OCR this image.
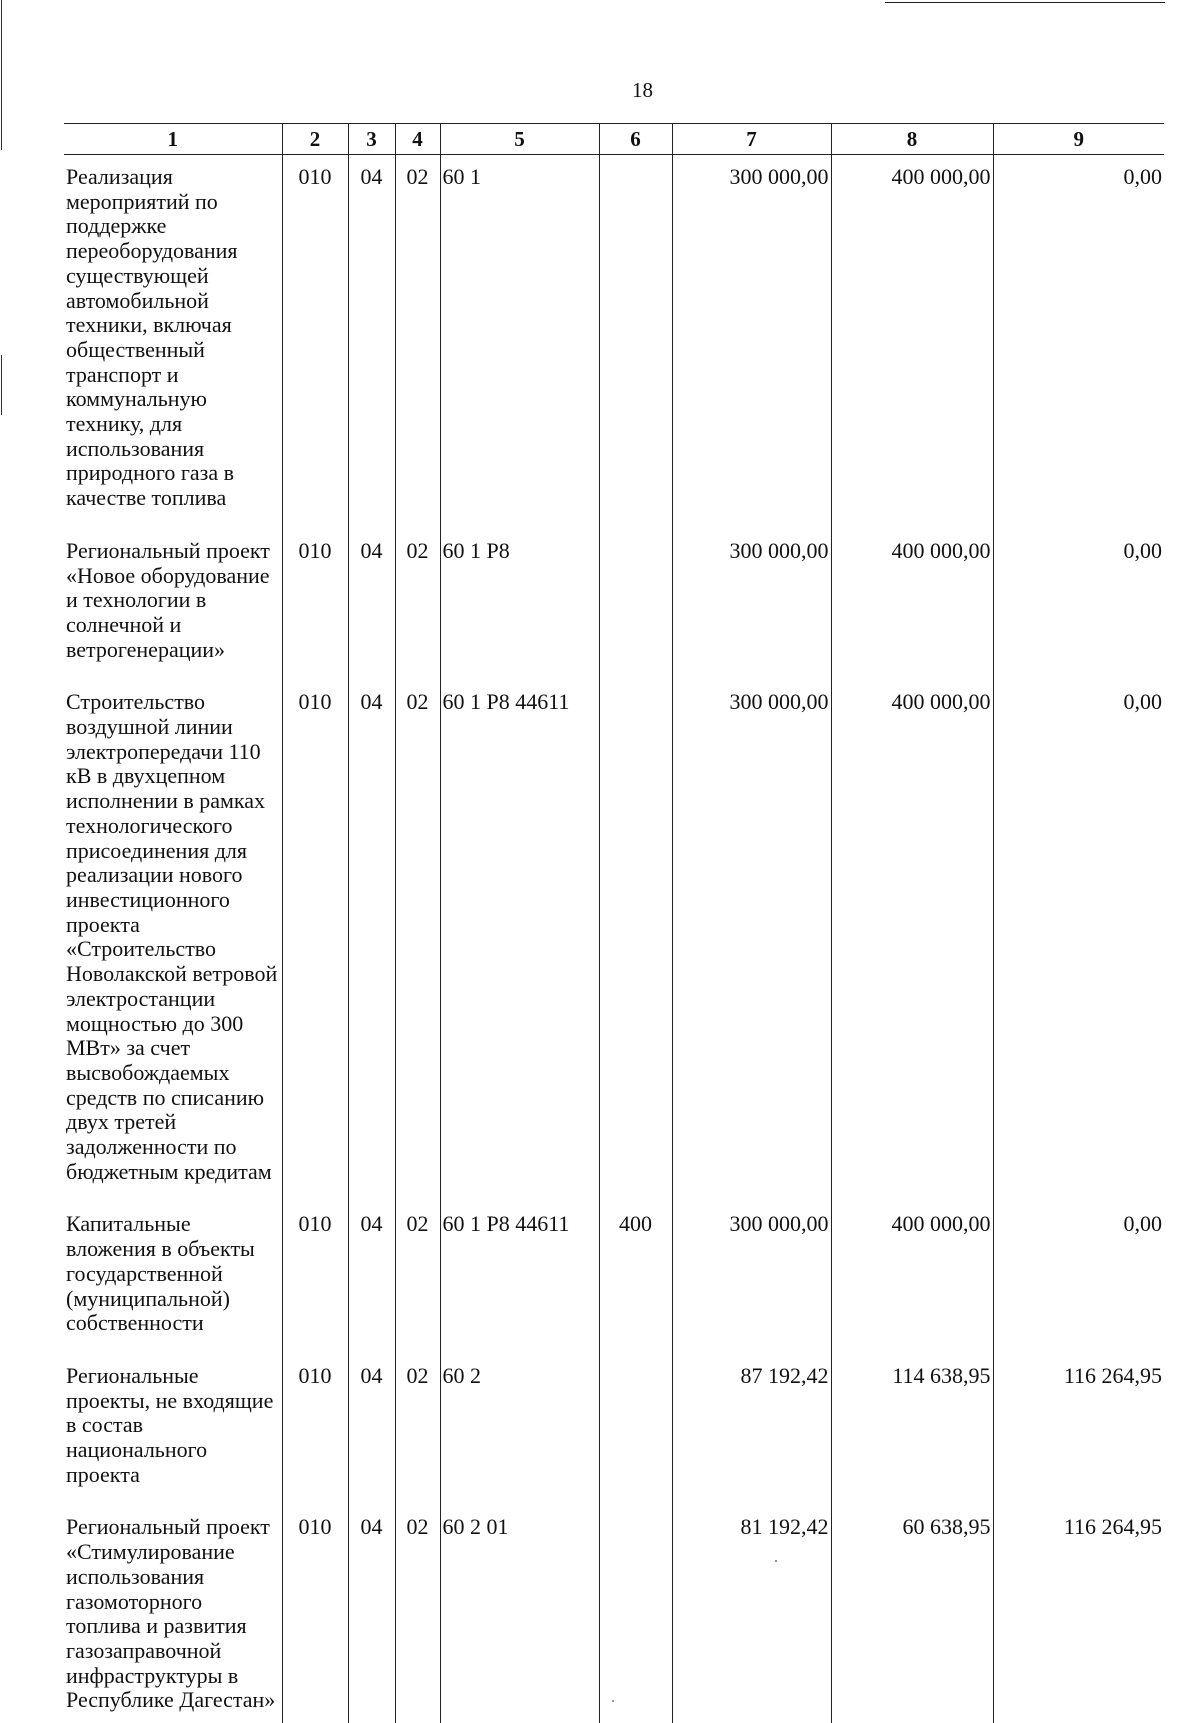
18
1	2	3	4	5	6	7	8	9
Реализация мероприятий по поддержке переоборудования существующей автомобильной техники, включая общественный транспорт и коммунальную технику, для использования природного газа в качестве топлива	010	04	02	60 1		300 000,00	400 000,00	0,00
Региональный проект «Новое оборудование и технологии в солнечной и ветрогенерации»	010	04	02	60 1 P8		300 000,00	400 000,00	0,00
Строительство воздушной линии электропередачи 110 кВ в двухцепном исполнении в рамках технологического присоединения для реализации нового инвестиционного проекта «Строительство Новолакской ветровой электростанции мощностью до 300 МВт» за счет высвобождаемых средств по списанию двух третей задолженности по бюджетным кредитам	010	04	02	60 1 P8 44611		300 000,00	400 000,00	0,00
Капитальные вложения в объекты государственной (муниципальной) собственности	010	04	02	60 1 P8 44611	400	300 000,00	400 000,00	0,00
Региональные проекты, не входящие в состав национального проекта	010	04	02	60 2		87 192,42	114 638,95	116 264,95
Региональный проект «Стимулирование использования газомоторного топлива и развития газозаправочной инфраструктуры в Республике Дагестан»	010	04	02	60 2 01		81 192,42	60 638,95	116 264,95
